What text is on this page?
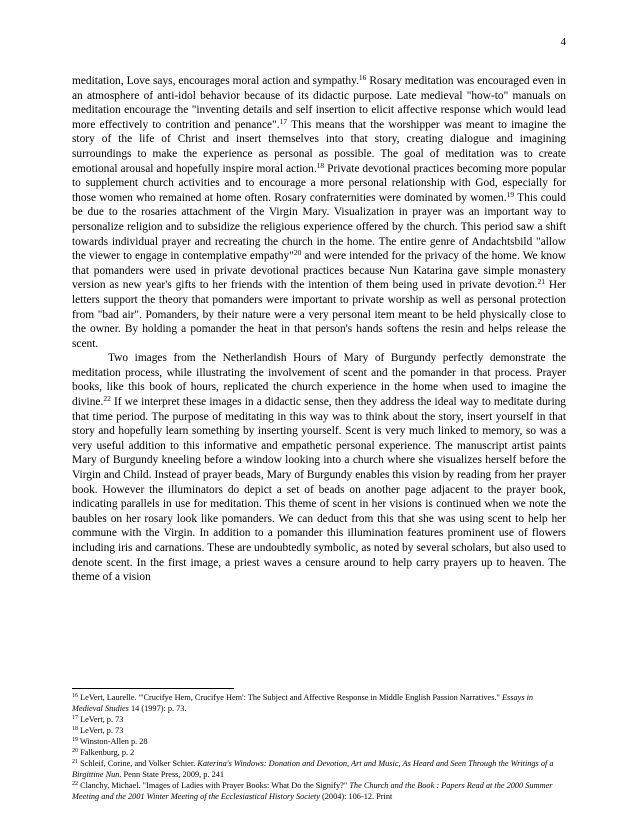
4

meditation, Love says, encourages moral action and sympathy.$^{16}$ Rosary meditation was encouraged even in an atmosphere of anti-idol behavior because of its didactic purpose. Late medieval "how-to" manuals on meditation encourage the "inventing details and self insertion to elicit affective response which would lead more effectively to contrition and penance".$^{17}$ This means that the worshipper was meant to imagine the story of the life of Christ and insert themselves into that story, creating dialogue and imagining surroundings to make the experience as personal as possible. The goal of meditation was to create emotional arousal and hopefully inspire moral action.$^{18}$ Private devotional practices becoming more popular to supplement church activities and to encourage a more personal relationship with God, especially for those women who remained at home often. Rosary confraternities were dominated by women.$^{19}$ This could be due to the rosaries attachment of the Virgin Mary. Visualization in prayer was an important way to personalize religion and to subsidize the religious experience offered by the church. This period saw a shift towards individual prayer and recreating the church in the home. The entire genre of Andachtsbild "allow the viewer to engage in contemplative empathy"$^{20}$ and were intended for the privacy of the home. We know that pomanders were used in private devotional practices because Nun Katarina gave simple monastery version as new year's gifts to her friends with the intention of them being used in private devotion.$^{21}$ Her letters support the theory that pomanders were important to private worship as well as personal protection from "bad air". Pomanders, by their nature were a very personal item meant to be held physically close to the owner. By holding a pomander the heat in that person's hands softens the resin and helps release the scent.

Two images from the Netherlandish Hours of Mary of Burgundy perfectly demonstrate the meditation process, while illustrating the involvement of scent and the pomander in that process. Prayer books, like this book of hours, replicated the church experience in the home when used to imagine the divine.$^{22}$ If we interpret these images in a didactic sense, then they address the ideal way to meditate during that time period. The purpose of meditating in this way was to think about the story, insert yourself in that story and hopefully learn something by inserting yourself. Scent is very much linked to memory, so was a very useful addition to this informative and empathetic personal experience. The manuscript artist paints Mary of Burgundy kneeling before a window looking into a church where she visualizes herself before the Virgin and Child. Instead of prayer beads, Mary of Burgundy enables this vision by reading from her prayer book. However the illuminators do depict a set of beads on another page adjacent to the prayer book, indicating parallels in use for meditation. This theme of scent in her visions is continued when we note the baubles on her rosary look like pomanders. We can deduct from this that she was using scent to help her commune with the Virgin. In addition to a pomander this illumination features prominent use of flowers including iris and carnations. These are undoubtedly symbolic, as noted by several scholars, but also used to denote scent. In the first image, a priest waves a censure around to help carry prayers up to heaven. The theme of a vision

$^{16}$ LeVert, Laurelle. "'Crucifye Hem, Crucifye Hem': The Subject and Affective Response in Middle English Passion Narratives." Essays in Medieval Studies 14 (1997): p. 73.
$^{17}$ LeVert, p. 73
$^{18}$ LeVert, p. 73
$^{19}$ Winston-Allen p. 28
$^{20}$ Falkenburg, p. 2
$^{21}$ Schleif, Corine, and Volker Schier. Katerina's Windows: Donation and Devotion, Art and Music, As Heard and Seen Through the Writings of a Birgittine Nun. Penn State Press, 2009, p. 241
$^{22}$ Clanchy, Michael. "Images of Ladies with Prayer Books: What Do the Signify?" The Church and the Book : Papers Read at the 2000 Summer Meeting and the 2001 Winter Meeting of the Ecclesiastical History Society (2004): 106-12. Print
